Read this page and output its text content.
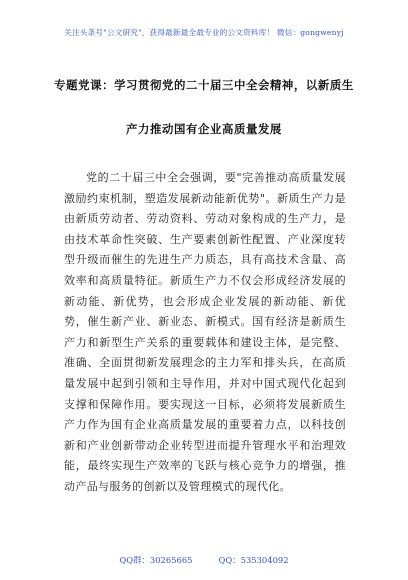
关注头条号"公文研究"，获得最新最全最专业的公文资料库！ 微信：gongwenyj
专题党课：学习贯彻党的二十届三中全会精神，以新质生
产力推动国有企业高质量发展

党的二十届三中全会强调，要"完善推动高质量发展激励约束机制，塑造发展新动能新优势"。新质生产力是由新质劳动者、劳动资料、劳动对象构成的生产力，是由技术革命性突破、生产要素创新性配置、产业深度转型升级而催生的先进生产力质态，具有高技术含量、高效率和高质量特征。新质生产力不仅会形成经济发展的新动能、新优势，也会形成企业发展的新动能、新优势，催生新产业、新业态、新模式。国有经济是新质生产力和新型生产关系的重要载体和建设主体，是完整、准确、全面贯彻新发展理念的主力军和排头兵，在高质量发展中起到引领和主导作用，并对中国式现代化起到支撑和保障作用。要实现这一目标，必须将发展新质生产力作为国有企业高质量发展的重要着力点，以科技创新和产业创新带动企业转型进而提升管理水平和治理效能，最终实现生产效率的飞跃与核心竞争力的增强，推动产品与服务的创新以及管理模式的现代化。

QQ群：30265665	QQ：535304092
